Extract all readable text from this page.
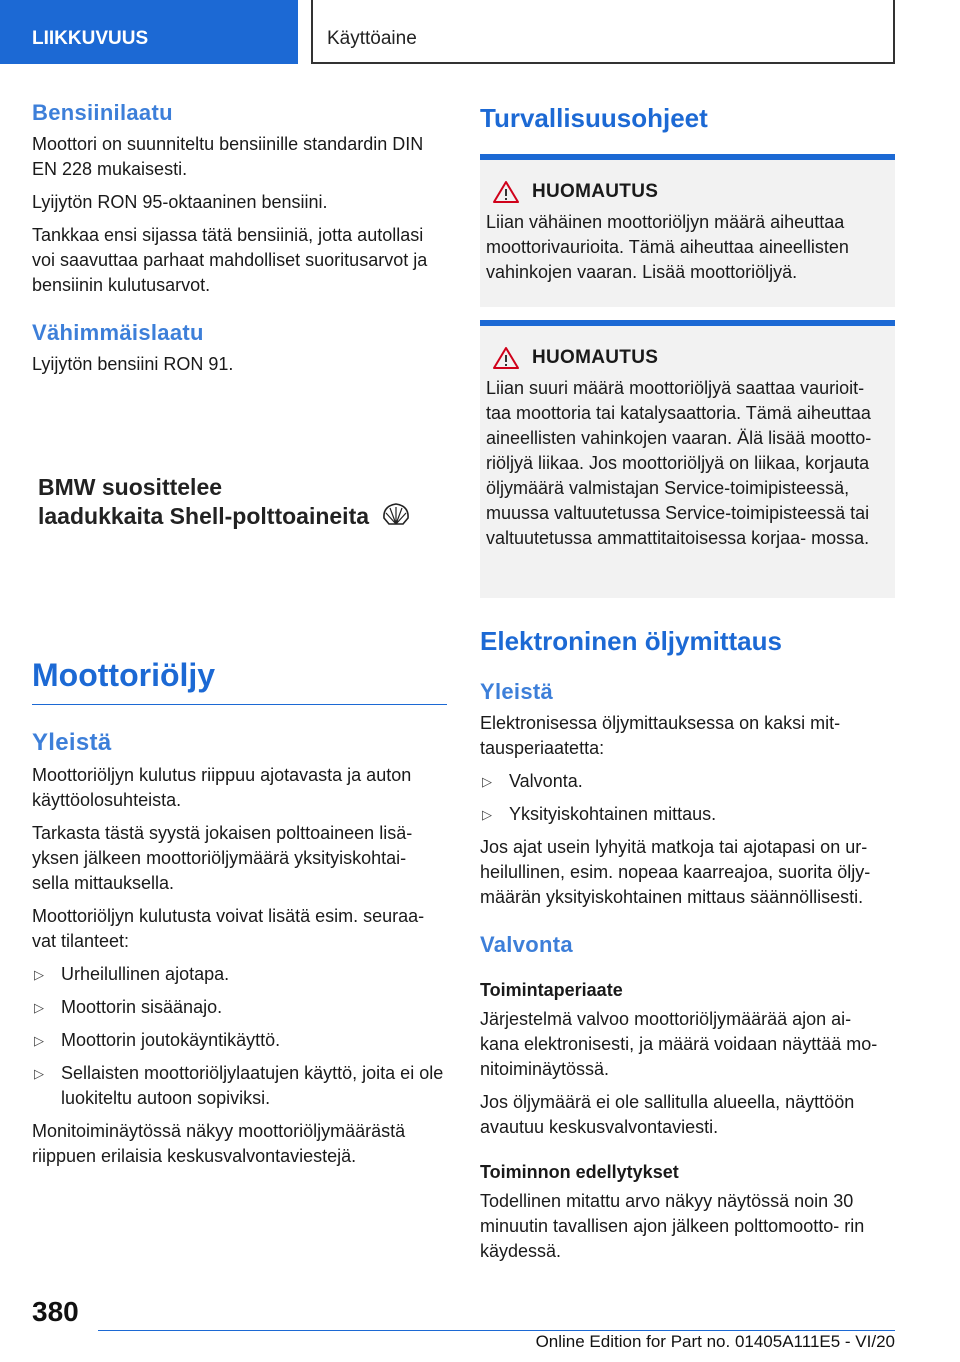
LIIKKUVUUS	Käyttöaine
Bensiinilaatu

Moottori on suunniteltu bensiinille standardin DIN EN 228 mukaisesti.

Lyijytön RON 95-oktaaninen bensiini.

Tankkaa ensi sijassa tätä bensiiniä, jotta autollasi voi saavuttaa parhaat mahdolliset suoritusarvot ja bensiinin kulutusarvot.

Vähimmäislaatu

Lyijytön bensiini RON 91.

BMW suosittelee
laadukkaita Shell-polttoaineita
Moottoriöljy
Yleistä

Moottoriöljyn kulutus riippuu ajotavasta ja auton käyttöolosuhteista.

Tarkasta tästä syystä jokaisen polttoaineen lisä- yksen jälkeen moottoriöljymäärä yksityiskohtai- sella mittauksella.

Moottoriöljyn kulutusta voivat lisätä esim. seuraa- vat tilanteet:

▷ Urheilullinen ajotapa.
▷ Moottorin sisäänajo.
▷ Moottorin joutokäyntikäyttö.
▷ Sellaisten moottoriöljylaatujen käyttö, joita ei ole luokiteltu autoon sopiviksi.

Monitoiminäytössä näkyy moottoriöljymäärästä riippuen erilaisia keskusvalvontaviestejä.

Turvallisuusohjeet
HUOMAUTUS

Liian vähäinen moottoriöljyn määrä aiheuttaa moottorivaurioita. Tämä aiheuttaa aineellisten vahinkojen vaaran. Lisää moottoriöljyä.

HUOMAUTUS

Liian suuri määrä moottoriöljyä saattaa vaurioit- taa moottoria tai katalysaattoria. Tämä aiheuttaa aineellisten vahinkojen vaaran. Älä lisää mootto- riöljyä liikaa. Jos moottoriöljyä on liikaa, korjauta öljymäärä valmistajan Service-toimipisteessä, muussa valtuutetussa Service-toimipisteessä tai valtuutetussa ammattitaitoisessa korjaa- mossa.

Elektroninen öljymittaus
Yleistä

Elektronisessa öljymittauksessa on kaksi mit- tausperiaatetta:

▷ Valvonta.
▷ Yksityiskohtainen mittaus.

Jos ajat usein lyhyitä matkoja tai ajotapasi on ur- heilullinen, esim. nopeaa kaarreajoa, suorita öljy- määrän yksityiskohtainen mittaus säännöllisesti.

Valvonta

Toimintaperiaate

Järjestelmä valvoo moottoriöljymäärää ajon ai- kana elektronisesti, ja määrä voidaan näyttää mo- nitoiminäytössä.

Jos öljymäärä ei ole sallitulla alueella, näyttöön avautuu keskusvalvontaviesti.

Toiminnon edellytykset

Todellinen mitattu arvo näkyy näytössä noin 30 minuutin tavallisen ajon jälkeen polttomootto- rin käydessä.

380
Online Edition for Part no. 01405A111E5 - VI/20
